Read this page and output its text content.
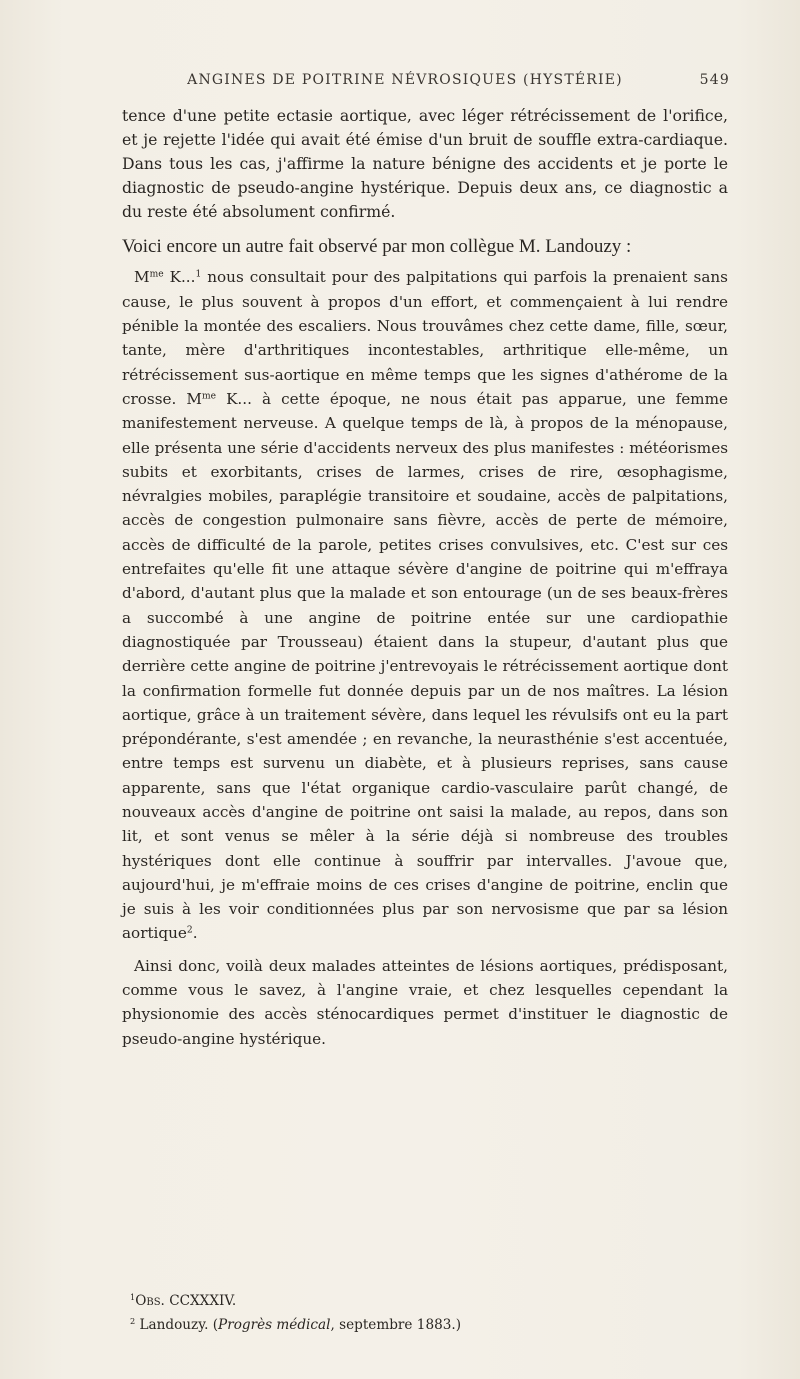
ANGINES DE POITRINE NÉVROSIQUES (HYSTÉRIE)	549

tence d'une petite ectasie aortique, avec léger rétrécissement de l'orifice, et je rejette l'idée qui avait été émise d'un bruit de souffle extra-cardiaque. Dans tous les cas, j'affirme la nature bénigne des accidents et je porte le diagnostic de pseudo-angine hystérique. Depuis deux ans, ce diagnostic a du reste été absolument confirmé.

Voici encore un autre fait observé par mon collègue M. Landouzy :

$M^{me}$ K...$^1$ nous consultait pour des palpitations qui parfois la prenaient sans cause, le plus souvent à propos d'un effort, et commençaient à lui rendre pénible la montée des escaliers. Nous trouvâmes chez cette dame, fille, sœur, tante, mère d'arthritiques incontestables, arthritique elle-même, un rétrécissement sus-aortique en même temps que les signes d'athérome de la crosse. $M^{me}$ K... à cette époque, ne nous était pas apparue, une femme manifestement nerveuse. A quelque temps de là, à propos de la ménopause, elle présenta une série d'accidents nerveux des plus manifestes : météorismes subits et exorbitants, crises de larmes, crises de rire, œsophagisme, névralgies mobiles, paraplégie transitoire et soudaine, accès de palpitations, accès de congestion pulmonaire sans fièvre, accès de perte de mémoire, accès de difficulté de la parole, petites crises convulsives, etc. C'est sur ces entrefaites qu'elle fit une attaque sévère d'angine de poitrine qui m'effraya d'abord, d'autant plus que la malade et son entourage (un de ses beaux-frères a succombé à une angine de poitrine entée sur une cardiopathie diagnostiquée par Trousseau) étaient dans la stupeur, d'autant plus que derrière cette angine de poitrine j'entrevoyais le rétrécissement aortique dont la confirmation formelle fut donnée depuis par un de nos maîtres. La lésion aortique, grâce à un traitement sévère, dans lequel les révulsifs ont eu la part prépondérante, s'est amendée ; en revanche, la neurasthénie s'est accentuée, entre temps est survenu un diabète, et à plusieurs reprises, sans cause apparente, sans que l'état organique cardio-vasculaire parût changé, de nouveaux accès d'angine de poitrine ont saisi la malade, au repos, dans son lit, et sont venus se mêler à la série déjà si nombreuse des troubles hystériques dont elle continue à souffrir par intervalles. J'avoue que, aujourd'hui, je m'effraie moins de ces crises d'angine de poitrine, enclin que je suis à les voir conditionnées plus par son nervosisme que par sa lésion aortique$^2$.

Ainsi donc, voilà deux malades atteintes de lésions aortiques, prédisposant, comme vous le savez, à l'angine vraie, et chez lesquelles cependant la physionomie des accès sténocardiques permet d'instituer le diagnostic de pseudo-angine hystérique.

$^1$Obs. CCXXXIV.

$^2$ Landouzy. (Progrès médical, septembre 1883.)
